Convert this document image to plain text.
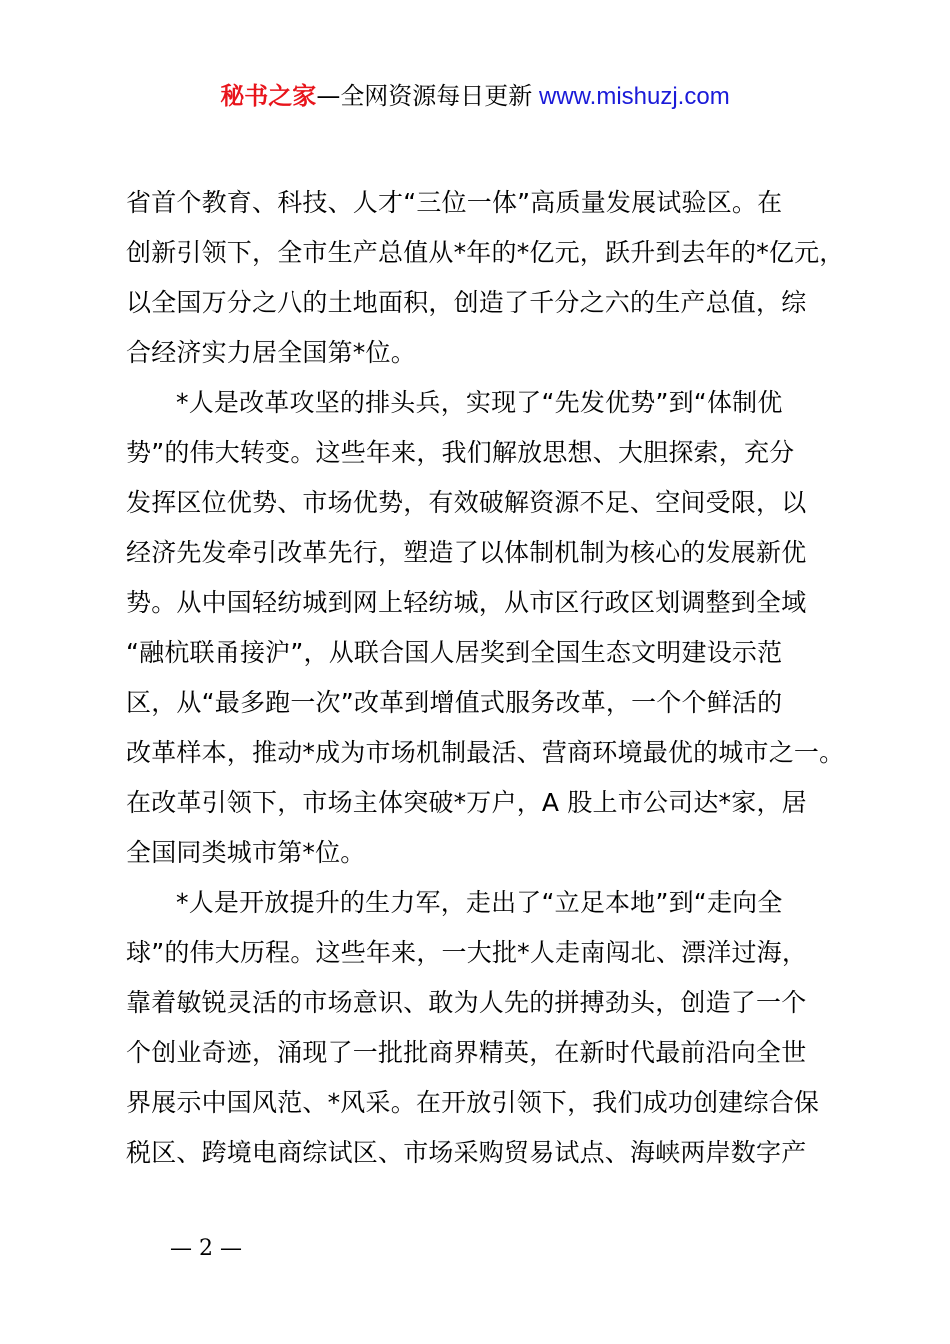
秘书之家—全网资源每日更新 www.mishuzj.com
省首个教育、科技、人才“三位一体”高质量发展试验区。在
创新引领下，全市生产总值从*年的*亿元，跃升到去年的*亿元，
以全国万分之八的土地面积，创造了千分之六的生产总值，综
合经济实力居全国第*位。
*人是改革攻坚的排头兵，实现了“先发优势”到“体制优
势”的伟大转变。这些年来，我们解放思想、大胆探索，充分
发挥区位优势、市场优势，有效破解资源不足、空间受限，以
经济先发牵引改革先行，塑造了以体制机制为核心的发展新优
势。从中国轻纺城到网上轻纺城，从市区行政区划调整到全域
“融杭联甬接沪”，从联合国人居奖到全国生态文明建设示范
区，从“最多跑一次”改革到增值式服务改革，一个个鲜活的
改革样本，推动*成为市场机制最活、营商环境最优的城市之一。
在改革引领下，市场主体突破*万户，A 股上市公司达*家，居
全国同类城市第*位。
*人是开放提升的生力军，走出了“立足本地”到“走向全
球”的伟大历程。这些年来，一大批*人走南闯北、漂洋过海，
靠着敏锐灵活的市场意识、敢为人先的拼搏劲头，创造了一个
个创业奇迹，涌现了一批批商界精英，在新时代最前沿向全世
界展示中国风范、*风采。在开放引领下，我们成功创建综合保
税区、跨境电商综试区、市场采购贸易试点、海峡两岸数字产
— 2 —
